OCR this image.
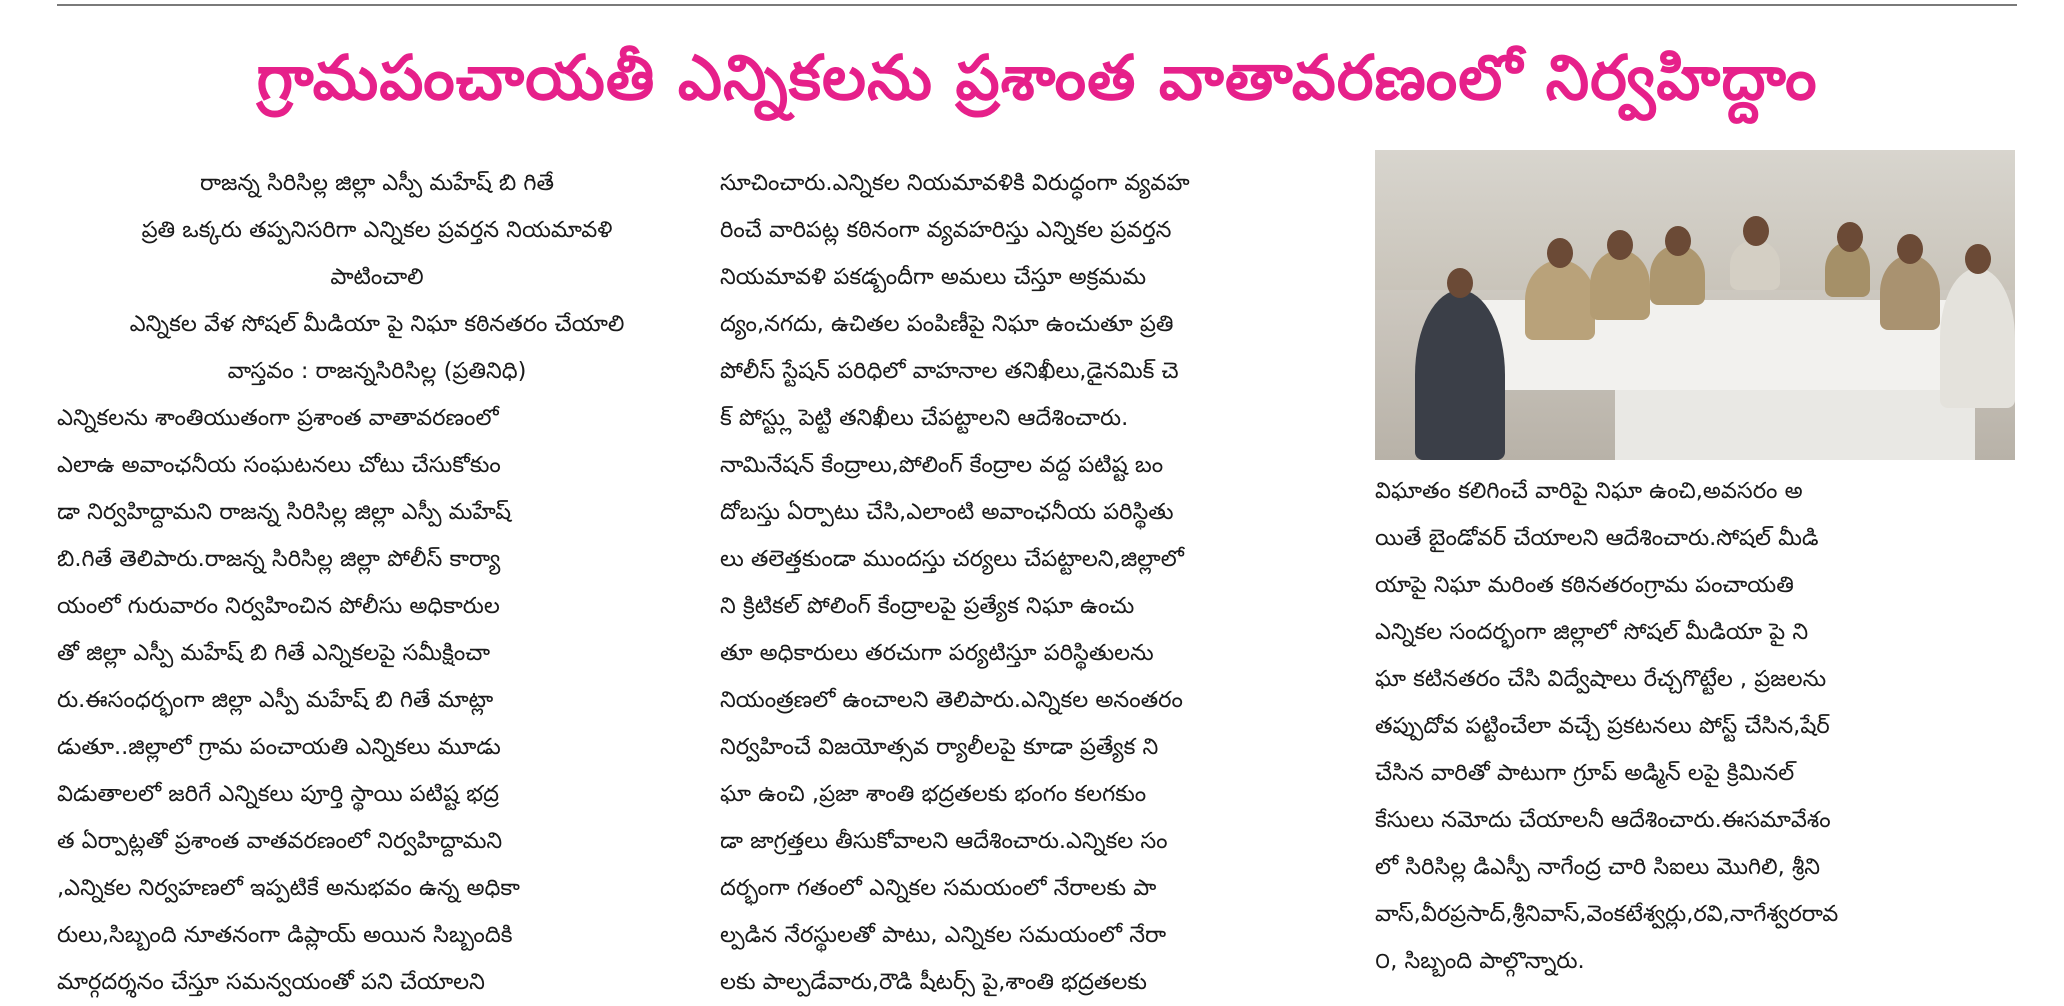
గ్రామపంచాయతీ ఎన్నికలను ప్రశాంత వాతావరణంలో నిర్వహిద్దాం
రాజన్న సిరిసిల్ల జిల్లా ఎస్పీ మహేష్ బి గితే
ప్రతి ఒక్కరు తప్పనిసరిగా ఎన్నికల ప్రవర్తన నియమావళి
పాటించాలి
ఎన్నికల వేళ సోషల్ మీడియా పై నిఘా కఠినతరం చేయాలి
వాస్తవం : రాజన్నసిరిసిల్ల (ప్రతినిధి)
ఎన్నికలను శాంతియుతంగా ప్రశాంత వాతావరణంలో
ఎలాఉ అవాంఛనీయ సంఘటనలు చోటు చేసుకోకుం
డా నిర్వహిద్దామని రాజన్న సిరిసిల్ల జిల్లా ఎస్పీ మహేష్
బి.గితే తెలిపారు.రాజన్న సిరిసిల్ల జిల్లా పోలీస్ కార్యా
యంలో గురువారం నిర్వహించిన పోలీసు అధికారుల
తో జిల్లా ఎస్పీ మహేష్ బి గితే ఎన్నికలపై సమీక్షించా
రు.ఈసంధర్భంగా జిల్లా ఎస్పీ మహేష్ బి గితే మాట్లా
డుతూ..జిల్లాలో గ్రామ పంచాయతి ఎన్నికలు మూడు
విడుతాలలో జరిగే ఎన్నికలు పూర్తి స్థాయి పటిష్ట భద్ర
త ఏర్పాట్లతో ప్రశాంత వాతవరణంలో నిర్వహిద్దామని
,ఎన్నికల నిర్వహణలో ఇప్పటికే అనుభవం ఉన్న అధికా
రులు,సిబ్బంది నూతనంగా డిప్లాయ్ అయిన సిబ్బందికి
మార్గదర్శనం చేస్తూ సమన్వయంతో పని చేయాలని
సూచించారు.ఎన్నికల నియమావళికి విరుద్ధంగా వ్యవహ
రించే వారిపట్ల కఠినంగా వ్యవహరిస్తు ఎన్నికల ప్రవర్తన
నియమావళి పకడ్బందీగా అమలు చేస్తూ అక్రమమ
ద్యం,నగదు, ఉచితల పంపిణీపై నిఘా ఉంచుతూ ప్రతి
పోలీస్ స్టేషన్ పరిధిలో వాహనాల తనిఖీలు,డైనమిక్ చె
క్ పోస్ట్లు పెట్టి తనిఖీలు చేపట్టాలని ఆదేశించారు.
నామినేషన్ కేంద్రాలు,పోలింగ్ కేంద్రాల వద్ద పటిష్ట బం
దోబస్తు ఏర్పాటు చేసి,ఎలాంటి అవాంఛనీయ పరిస్థితు
లు తలెత్తకుండా ముందస్తు చర్యలు చేపట్టాలని,జిల్లాలో
ని క్రిటికల్ పోలింగ్ కేంద్రాలపై ప్రత్యేక నిఘా ఉంచు
తూ అధికారులు తరచుగా పర్యటిస్తూ పరిస్థితులను
నియంత్రణలో ఉంచాలని తెలిపారు.ఎన్నికల అనంతరం
నిర్వహించే విజయోత్సవ ర్యాలీలపై కూడా ప్రత్యేక ని
ఘా ఉంచి ,ప్రజా శాంతి భద్రతలకు భంగం కలగకుం
డా జాగ్రత్తలు తీసుకోవాలని ఆదేశించారు.ఎన్నికల సం
దర్భంగా గతంలో ఎన్నికల సమయంలో నేరాలకు పా
ల్పడిన నేరస్థులతో పాటు, ఎన్నికల సమయంలో నేరా
లకు పాల్పడేవారు,రౌడి షీటర్స్ పై,శాంతి భద్రతలకు
విఘాతం కలిగించే వారిపై నిఘా ఉంచి,అవసరం అ
యితే బైండోవర్ చేయాలని ఆదేశించారు.సోషల్ మీడి
యాపై నిఘా మరింత కఠినతరంగ్రామ పంచాయతి
ఎన్నికల సందర్భంగా జిల్లాలో సోషల్ మీడియా పై ని
ఘా కటినతరం చేసి విద్వేషాలు రేచ్చగొట్టేల , ప్రజలను
తప్పుదోవ పట్టించేలా వచ్చే ప్రకటనలు పోస్ట్ చేసిన,షేర్
చేసిన వారితో పాటుగా గ్రూప్ అడ్మిన్ లపై క్రిమినల్
కేసులు నమోదు చేయాలనీ ఆదేశించారు.ఈసమావేశం
లో సిరిసిల్ల డిఎస్పీ నాగేంద్ర చారి సిఐలు మొగిలి, శ్రీని
వాస్,వీరప్రసాద్,శ్రీనివాస్,వెంకటేశ్వర్లు,రవి,నాగేశ్వరరావ
౦, సిబ్బంది పాల్గొన్నారు.
